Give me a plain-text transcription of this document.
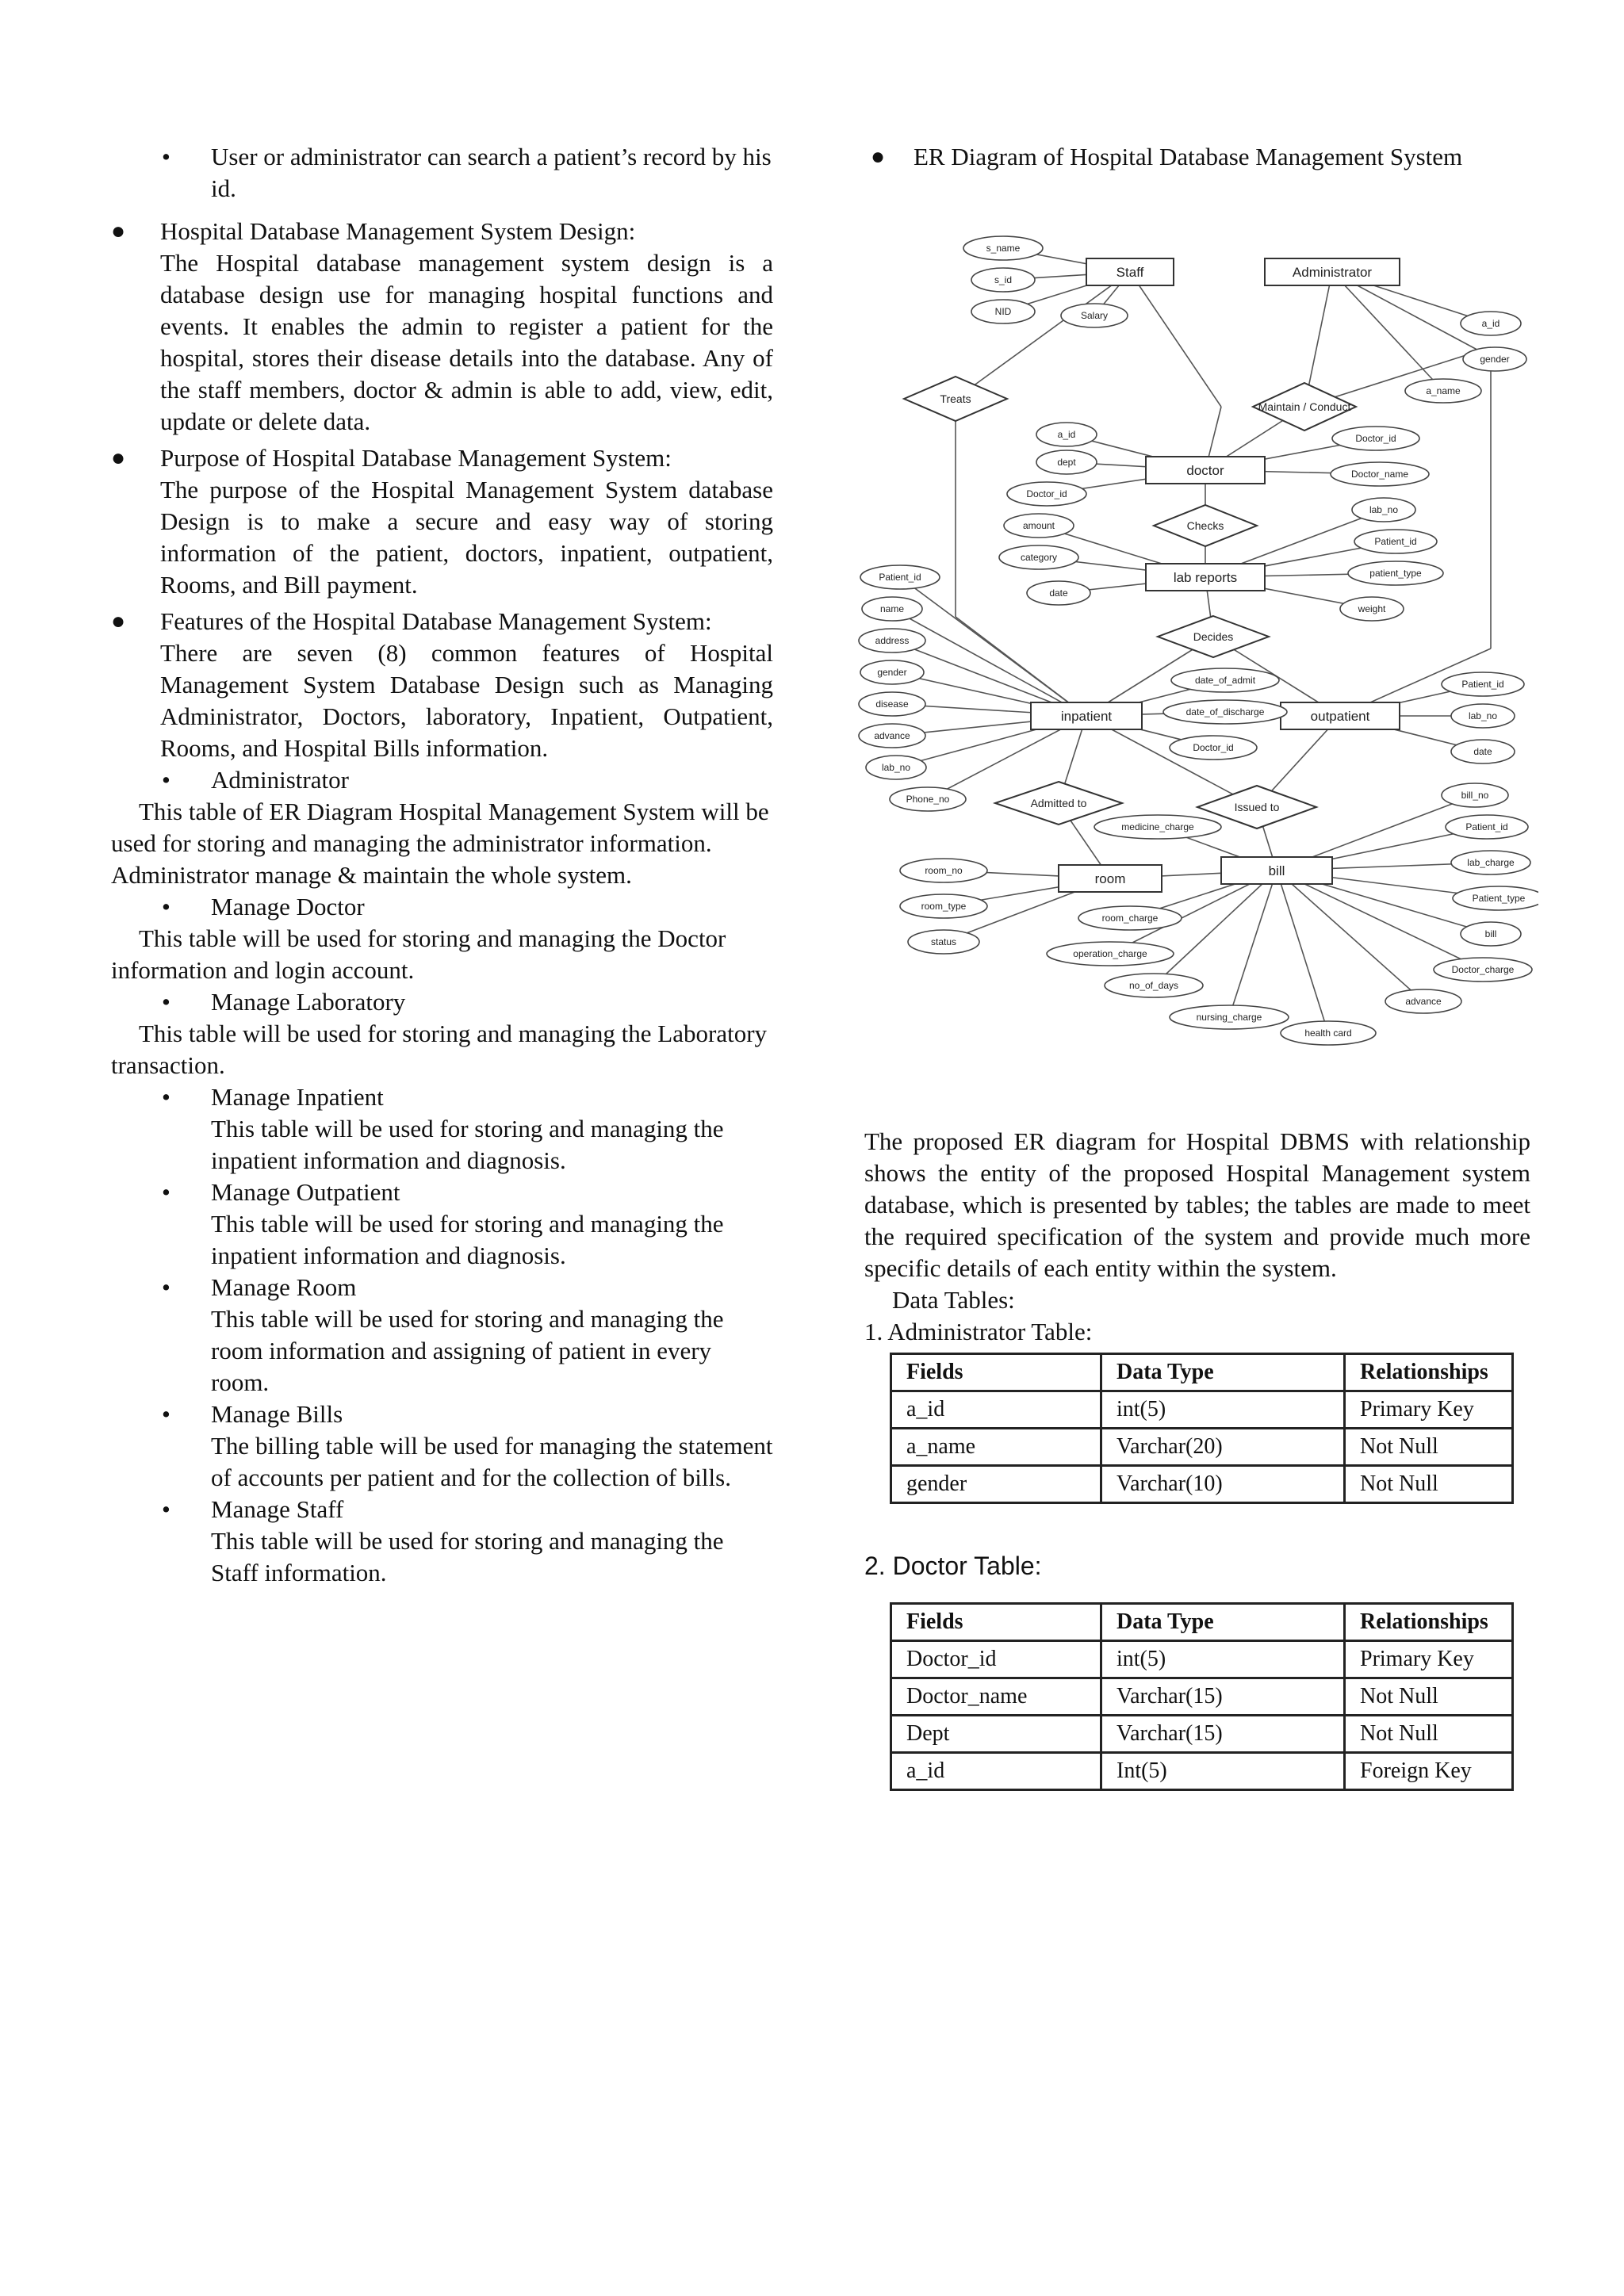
• User or administrator can search a patient’s record by his id.
● Hospital Database Management System Design:
The Hospital database management system design is a database design use for managing hospital functions and events. It enables the admin to register a patient for the hospital, stores their disease details into the database. Any of the staff members, doctor & admin is able to add, view, edit, update or delete data.
● Purpose of Hospital Database Management System:
The purpose of the Hospital Management System database Design is to make a secure and easy way of storing information of the patient, doctors, inpatient, outpatient, Rooms, and Bill payment.
● Features of the Hospital Database Management System:
There are seven (8) common features of Hospital Management System Database Design such as Managing Administrator, Doctors, laboratory, Inpatient, Outpatient, Rooms, and Hospital Bills information.
• Administrator
This table of ER Diagram Hospital Management System will be used for storing and managing the administrator information. Administrator manage & maintain the whole system.
• Manage Doctor
This table will be used for storing and managing the Doctor information and login account.
• Manage Laboratory
This table will be used for storing and managing the Laboratory transaction.
• Manage Inpatient
This table will be used for storing and managing the inpatient information and diagnosis.
• Manage Outpatient
This table will be used for storing and managing the inpatient information and diagnosis.
• Manage Room
This table will be used for storing and managing the room information and assigning of patient in every room.
• Manage Bills
The billing table will be used for managing the statement of accounts per patient and for the collection of bills.
• Manage Staff
This table will be used for storing and managing the Staff information.
● ER Diagram of Hospital Database Management System
Staff	Administrator
doctor
lab reports
inpatient	outpatient
room
bill
Treats
Maintain / Conduct
Checks
Decides
Admitted to	Issued to
s_name
s_id
NID	Salary
a_id
gender
a_name
a_id
dept
Doctor_id
amount
category
date
Doctor_id
Doctor_name
lab_no
Patient_id
patient_type
weight
Patient_id
name
address
gender
disease
advance
lab_no
Phone_no
date_of_admit
date_of_discharge
Doctor_id
Patient_id
lab_no
date
medicine_charge
room_no
room_type
status
room_charge
operation_charge
no_of_days
nursing_charge
health card
bill_no
Patient_id
lab_charge
Patient_type
bill
Doctor_charge
advance
The proposed ER diagram for Hospital DBMS with relationship shows the entity of the proposed Hospital Management system database, which is presented by tables; the tables are made to meet the required specification of the system and provide much more specific details of each entity within the system.
Data Tables:
1. Administrator Table:
Fields	Data Type	Relationships
a_id	int(5)	Primary Key
a_name	Varchar(20)	Not Null
gender	Varchar(10)	Not Null
2. Doctor Table:
Fields	Data Type	Relationships
Doctor_id	int(5)	Primary Key
Doctor_name	Varchar(15)	Not Null
Dept	Varchar(15)	Not Null
a_id	Int(5)	Foreign Key
